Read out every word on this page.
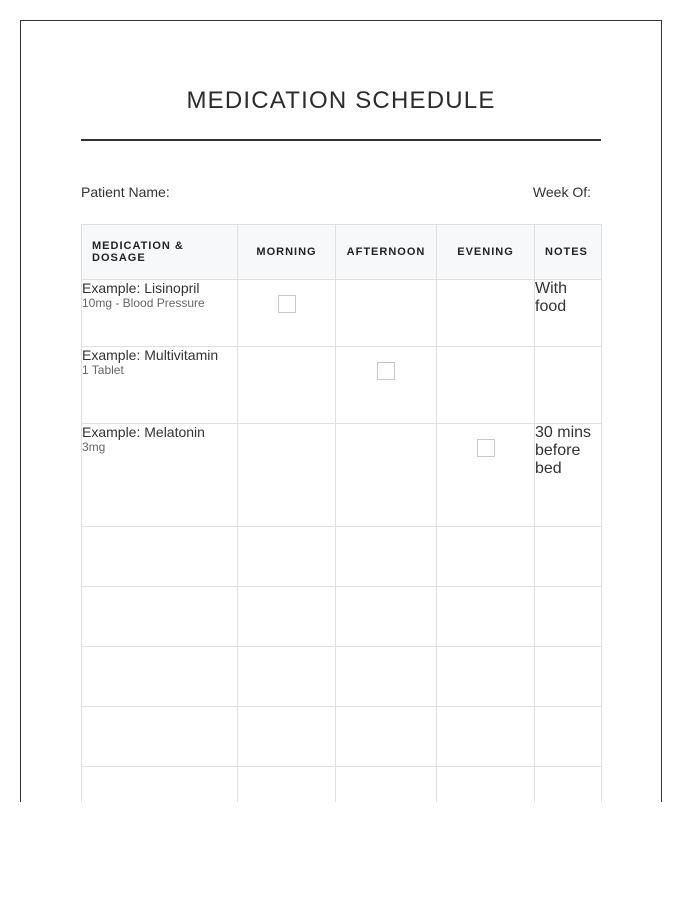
MEDICATION SCHEDULE
Patient Name:	Week Of:
MEDICATION & DOSAGE	MORNING	AFTERNOON	EVENING	NOTES

Example: Lisinopril
10mg - Blood Pressure				With food

Example: Multivitamin
1 Tablet				

Example: Melatonin
3mg				30 mins before bed
